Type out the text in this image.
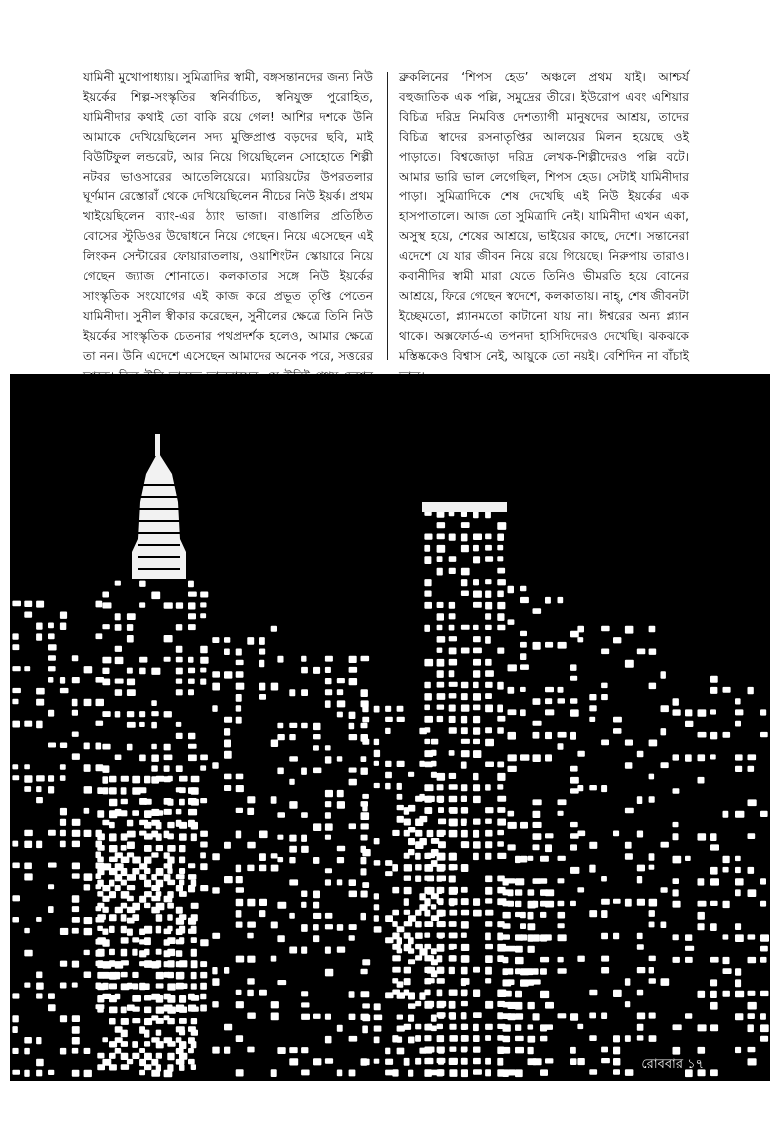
যামিনী মুখোপাধ্যায়। সুমিত্রাদির স্বামী, বঙ্গসন্তানদের জন্য নিউ ইয়র্কের শিল্প-সংস্কৃতির স্বনির্বাচিত, স্বনিযুক্ত পুরোহিত, যামিনীদার কথাই তো বাকি রয়ে গেল! আশির দশকে উনি আমাকে দেখিয়েছিলেন সদ্য মুক্তিপ্রাপ্ত বড়দের ছবি, মাই বিউটিফুল লন্ডরেট, আর নিয়ে গিয়েছিলেন সোহোতে শিল্পী নটবর ভাওসারের আতেলিয়েরে। ম্যারিয়টের উপরতলার ঘূর্ণমান রেস্তোরাঁ থেকে দেখিয়েছিলেন নীচের নিউ ইয়র্ক। প্রথম খাইয়েছিলেন ব্যাং-এর ঠ্যাং ভাজা। বাঙালির প্রতিষ্ঠিত বোসের স্টুডিওর উদ্বোধনে নিয়ে গেছেন। নিয়ে এসেছেন এই লিংকন সেন্টারের ফোয়ারাতলায়, ওয়াশিংটন স্কোয়ারে নিয়ে গেছেন জ্যাজ শোনাতে। কলকাতার সঙ্গে নিউ ইয়র্কের সাংস্কৃতিক সংযোগের এই কাজ করে প্রভূত তৃপ্তি পেতেন যামিনীদা। সুনীল স্বীকার করেছেন, সুনীলের ক্ষেত্রে তিনি নিউ ইয়র্কের সাংস্কৃতিক চেতনার পথপ্রদর্শক হলেও, আমার ক্ষেত্রে তা নন। উনি এদেশে এসেছেন আমাদের অনেক পরে, সত্তরের

ব্রুকলিনের ‘শিপস হেড’ অঞ্চলে প্রথম যাই। আশ্চর্য বহুজাতিক এক পল্লি, সমুদ্রের তীরে। ইউরোপ এবং এশিয়ার বিচিত্র দরিদ্র নিমবিত্ত দেশত্যাগী মানুষদের আশ্রয়, তাদের বিচিত্র স্বাদের রসনাতৃপ্তির আলয়ের মিলন হয়েছে ওই পাড়াতে। বিশ্বজোড়া দরিদ্র লেখক-শিল্পীদেরও পল্লি বটে। আমার ভারি ভাল লেগেছিল, শিপস হেড। সেটাই যামিনীদার পাড়া। সুমিত্রাদিকে শেষ দেখেছি এই নিউ ইয়র্কের এক হাসপাতালে। আজ তো সুমিত্রাদি নেই। যামিনীদা এখন একা, অসুস্থ হয়ে, শেষের আশ্রয়ে, ভাইয়ের কাছে, দেশে। সন্তানেরা এদেশে যে যার জীবন নিয়ে রয়ে গিয়েছে। নিরুপায় তারাও। কবানীদির স্বামী মারা যেতে তিনিও ভীমরতি হয়ে বোনের আশ্রয়ে, ফিরে গেছেন স্বদেশে, কলকাতায়। নাহ্, শেষ জীবনটা ইচ্ছেমতো, প্ল্যানমতো কাটানো যায় না। ঈশ্বরের অন্য প্ল্যান থাকে। অক্সফোর্ড-এ তপনদা হাসিদিদেরও দেখেছি। ঝকঝকে মস্তিষ্ককেও বিশ্বাস নেই, আয়ুকে তো নয়ই। বেশিদিন না বাঁচাই

রোববার ১৭
